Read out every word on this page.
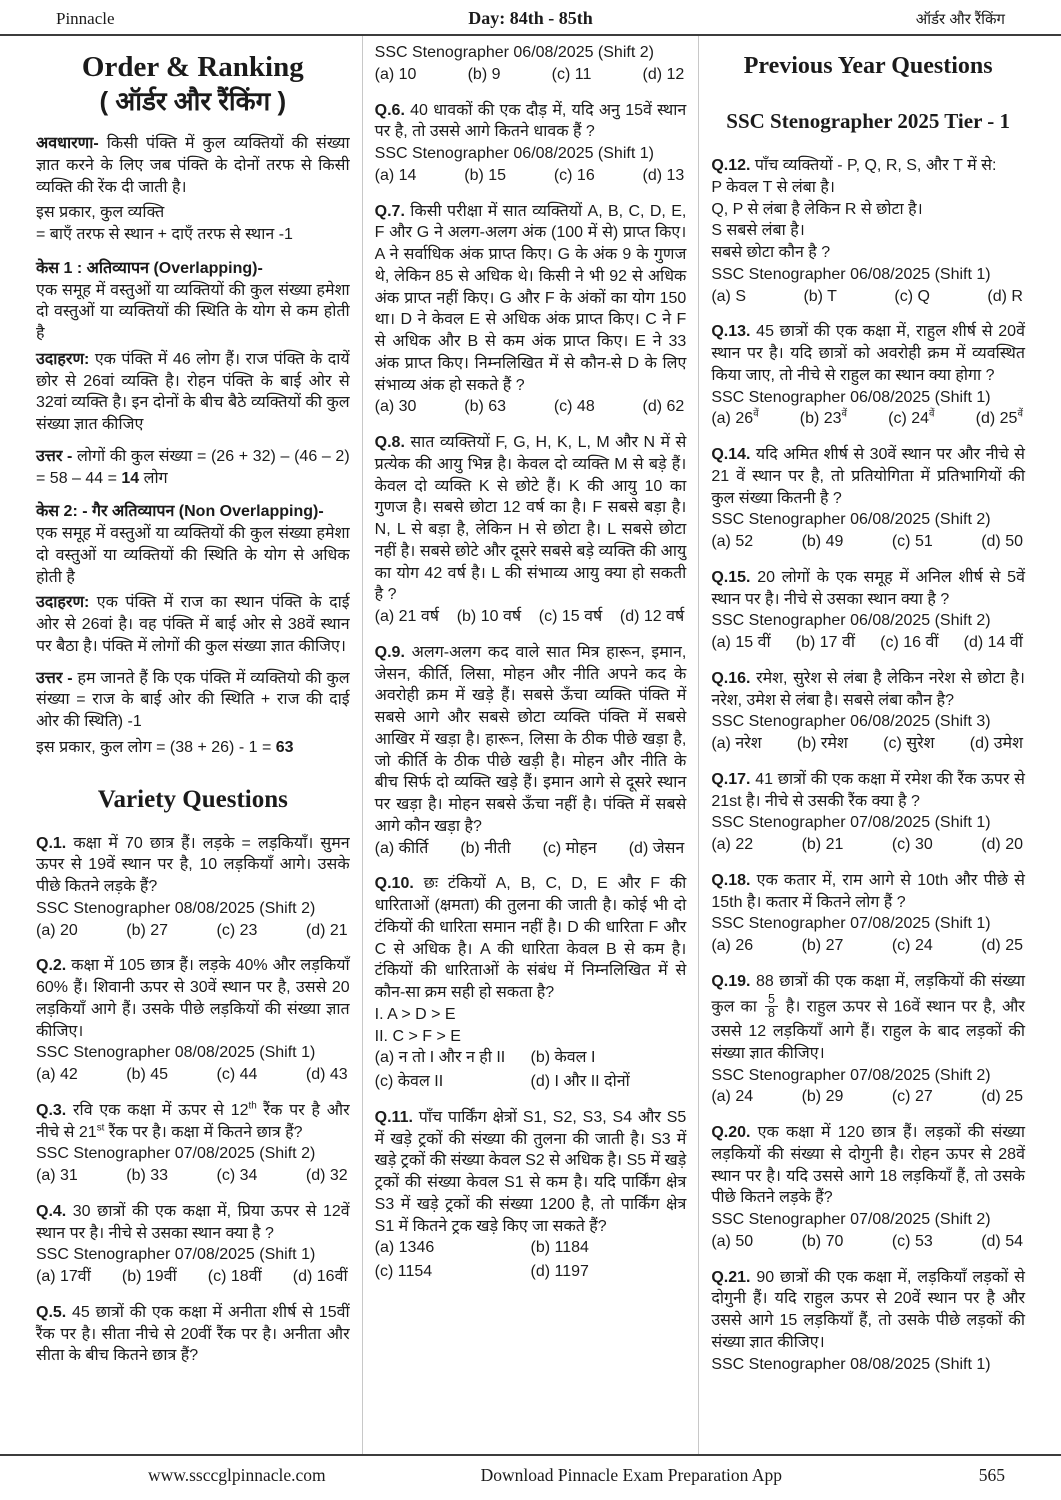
Pinnacle	Day: 84th - 85th	ऑर्डर और रैंकिंग
Order & Ranking
( ऑर्डर और रैंकिंग )

अवधारणा- किसी पंक्ति में कुल व्यक्तियों की संख्या ज्ञात करने के लिए जब पंक्ति के दोनों तरफ से किसी व्यक्ति की रेंक दी जाती है।

इस प्रकार, कुल व्यक्ति

= बाएँ तरफ से स्थान + दाएँ तरफ से स्थान -1

केस 1 : अतिव्यापन (Overlapping)-

एक समूह में वस्तुओं या व्यक्तियों की कुल संख्या हमेशा दो वस्तुओं या व्यक्तियों की स्थिति के योग से कम होती है

उदाहरण: एक पंक्ति में 46 लोग हैं। राज पंक्ति के दायें छोर से 26वां व्यक्ति है। रोहन पंक्ति के बाई ओर से 32वां व्यक्ति है। इन दोनों के बीच बैठे व्यक्तियों की कुल संख्या ज्ञात कीजिए

उत्तर - लोगों की कुल संख्या = (26 + 32) – (46 – 2) = 58 – 44 = 14 लोग

केस 2: - गैर अतिव्यापन (Non Overlapping)-

एक समूह में वस्तुओं या व्यक्तियों की कुल संख्या हमेशा दो वस्तुओं या व्यक्तियों की स्थिति के योग से अधिक होती है

उदाहरण: एक पंक्ति में राज का स्थान पंक्ति के दाई ओर से 26वां है। वह पंक्ति में बाई ओर से 38वें स्थान पर बैठा है। पंक्ति में लोगों की कुल संख्या ज्ञात कीजिए।

उत्तर - हम जानते हैं कि एक पंक्ति में व्यक्तियो की कुल संख्या = राज के बाई ओर की स्थिति + राज की दाई ओर की स्थिति) -1

इस प्रकार, कुल लोग = (38 + 26) - 1 = 63

Variety Questions

Q.1. कक्षा में 70 छात्र हैं। लड़के = लड़कियाँ। सुमन ऊपर से 19वें स्थान पर है, 10 लड़कियाँ आगे। उसके पीछे कितने लड़के हैं?

SSC Stenographer 08/08/2025 (Shift 2)

(a) 20	(b) 27	(c) 23	(d) 21

Q.2. कक्षा में 105 छात्र हैं। लड़के 40% और लड़कियाँ 60% हैं। शिवानी ऊपर से 30वें स्थान पर है, उससे 20 लड़कियाँ आगे हैं। उसके पीछे लड़कियों की संख्या ज्ञात कीजिए।

SSC Stenographer 08/08/2025 (Shift 1)

(a) 42	(b) 45	(c) 44	(d) 43

Q.3. रवि एक कक्षा में ऊपर से 12th रैंक पर है और नीचे से 21st रैंक पर है। कक्षा में कितने छात्र हैं?

SSC Stenographer 07/08/2025 (Shift 2)

(a) 31	(b) 33	(c) 34	(d) 32

Q.4. 30 छात्रों की एक कक्षा में, प्रिया ऊपर से 12वें स्थान पर है। नीचे से उसका स्थान क्या है ?

SSC Stenographer 07/08/2025 (Shift 1)

(a) 17वीं (b) 19वीं (c) 18वीं (d) 16वीं

Q.5. 45 छात्रों की एक कक्षा में अनीता शीर्ष से 15वीं रैंक पर है। सीता नीचे से 20वीं रैंक पर है। अनीता और सीता के बीच कितने छात्र हैं?

SSC Stenographer 06/08/2025 (Shift 2)

(a) 10	(b) 9	(c) 11	(d) 12

Q.6. 40 धावकों की एक दौड़ में, यदि अनु 15वें स्थान पर है, तो उससे आगे कितने धावक हैं ?

SSC Stenographer 06/08/2025 (Shift 1)

(a) 14	(b) 15	(c) 16	(d) 13

Q.7. किसी परीक्षा में सात व्यक्तियों A, B, C, D, E, F और G ने अलग-अलग अंक (100 में से) प्राप्त किए। A ने सर्वाधिक अंक प्राप्त किए। G के अंक 9 के गुणज थे, लेकिन 85 से अधिक थे। किसी ने भी 92 से अधिक अंक प्राप्त नहीं किए। G और F के अंकों का योग 150 था। D ने केवल E से अधिक अंक प्राप्त किए। C ने F से अधिक और B से कम अंक प्राप्त किए। E ने 33 अंक प्राप्त किए। निम्नलिखित में से कौन-से D के लिए संभाव्य अंक हो सकते हैं ?

(a) 30	(b) 63	(c) 48	(d) 62

Q.8. सात व्यक्तियों F, G, H, K, L, M और N में से प्रत्येक की आयु भिन्न है। केवल दो व्यक्ति M से बड़े हैं। केवल दो व्यक्ति K से छोटे हैं। K की आयु 10 का गुणज है। सबसे छोटा 12 वर्ष का है। F सबसे बड़ा है। N, L से बड़ा है, लेकिन H से छोटा है। L सबसे छोटा नहीं है। सबसे छोटे और दूसरे सबसे बड़े व्यक्ति की आयु का योग 42 वर्ष है। L की संभाव्य आयु क्या हो सकती है ?

(a) 21 वर्ष (b) 10 वर्ष (c) 15 वर्ष (d) 12 वर्ष

Q.9. अलग-अलग कद वाले सात मित्र हारून, इमान, जेसन, कीर्ति, लिसा, मोहन और नीति अपने कद के अवरोही क्रम में खड़े हैं। सबसे ऊँचा व्यक्ति पंक्ति में सबसे आगे और सबसे छोटा व्यक्ति पंक्ति में सबसे आखिर में खड़ा है। हारून, लिसा के ठीक पीछे खड़ा है, जो कीर्ति के ठीक पीछे खड़ी है। मोहन और नीति के बीच सिर्फ दो व्यक्ति खड़े हैं। इमान आगे से दूसरे स्थान पर खड़ा है। मोहन सबसे ऊँचा नहीं है। पंक्ति में सबसे आगे कौन खड़ा है?

(a) कीर्ति (b) नीती (c) मोहन (d) जेसन

Q.10. छः टंकियों A, B, C, D, E और F की धारिताओं (क्षमता) की तुलना की जाती है। कोई भी दो टंकियों की धारिता समान नहीं है। D की धारिता F और C से अधिक है। A की धारिता केवल B से कम है। टंकियों की धारिताओं के संबंध में निम्नलिखित में से कौन-सा क्रम सही हो सकता है?

I. A > D > E

II. C > F > E

(a) न तो I और न ही II	(b) केवल I
(c) केवल II	(d) I और II दोनों

Q.11. पाँच पार्किंग क्षेत्रों S1, S2, S3, S4 और S5 में खड़े ट्रकों की संख्या की तुलना की जाती है। S3 में खड़े ट्रकों की संख्या केवल S2 से अधिक है। S5 में खड़े ट्रकों की संख्या केवल S1 से कम है। यदि पार्किंग क्षेत्र S3 में खड़े ट्रकों की संख्या 1200 है, तो पार्किंग क्षेत्र S1 में कितने ट्रक खड़े किए जा सकते हैं?

(a) 1346	(b) 1184
(c) 1154	(d) 1197
Previous Year Questions
SSC Stenographer 2025 Tier - 1

Q.12. पाँच व्यक्तियों - P, Q, R, S, और T में से:

P केवल T से लंबा है।

Q, P से लंबा है लेकिन R से छोटा है।

S सबसे लंबा है।

सबसे छोटा कौन है ?

SSC Stenographer 06/08/2025 (Shift 1)

(a) S	(b) T	(c) Q	(d) R

Q.13. 45 छात्रों की एक कक्षा में, राहुल शीर्ष से 20वें स्थान पर है। यदि छात्रों को अवरोही क्रम में व्यवस्थित किया जाए, तो नीचे से राहुल का स्थान क्या होगा ?

SSC Stenographer 06/08/2025 (Shift 1)

(a) $26^{वें}$	(b) $23^{वें}$	(c) $24^{वें}$	(d) $25^{वें}$

Q.14. यदि अमित शीर्ष से 30वें स्थान पर और नीचे से 21 वें स्थान पर है, तो प्रतियोगिता में प्रतिभागियों की कुल संख्या कितनी है ?

SSC Stenographer 06/08/2025 (Shift 2)

(a) 52	(b) 49	(c) 51	(d) 50

Q.15. 20 लोगों के एक समूह में अनिल शीर्ष से 5वें स्थान पर है। नीचे से उसका स्थान क्या है ?

SSC Stenographer 06/08/2025 (Shift 2)

(a) 15 वीं (b) 17 वीं (c) 16 वीं (d) 14 वीं

Q.16. रमेश, सुरेश से लंबा है लेकिन नरेश से छोटा है। नरेश, उमेश से लंबा है। सबसे लंबा कौन है?

SSC Stenographer 06/08/2025 (Shift 3)

(a) नरेश (b) रमेश (c) सुरेश (d) उमेश

Q.17. 41 छात्रों की एक कक्षा में रमेश की रैंक ऊपर से 21st है। नीचे से उसकी रैंक क्या है ?

SSC Stenographer 07/08/2025 (Shift 1)

(a) 22	(b) 21	(c) 30	(d) 20

Q.18. एक कतार में, राम आगे से 10th और पीछे से 15th है। कतार में कितने लोग हैं ?

SSC Stenographer 07/08/2025 (Shift 1)

(a) 26	(b) 27	(c) 24	(d) 25

Q.19. 88 छात्रों की एक कक्षा में, लड़कियों की संख्या कुल का $\frac{5}{8}$ है। राहुल ऊपर से 16वें स्थान पर है, और उससे 12 लड़कियाँ आगे हैं। राहुल के बाद लड़कों की संख्या ज्ञात कीजिए।

SSC Stenographer 07/08/2025 (Shift 2)

(a) 24	(b) 29	(c) 27	(d) 25

Q.20. एक कक्षा में 120 छात्र हैं। लड़कों की संख्या लड़कियों की संख्या से दोगुनी है। रोहन ऊपर से 28वें स्थान पर है। यदि उससे आगे 18 लड़कियाँ हैं, तो उसके पीछे कितने लड़के हैं?

SSC Stenographer 07/08/2025 (Shift 2)

(a) 50	(b) 70	(c) 53	(d) 54

Q.21. 90 छात्रों की एक कक्षा में, लड़कियाँ लड़कों से दोगुनी हैं। यदि राहुल ऊपर से 20वें स्थान पर है और उससे आगे 15 लड़कियाँ हैं, तो उसके पीछे लड़कों की संख्या ज्ञात कीजिए।

SSC Stenographer 08/08/2025 (Shift 1)

www.ssccglpinnacle.com	Download Pinnacle Exam Preparation App	565
